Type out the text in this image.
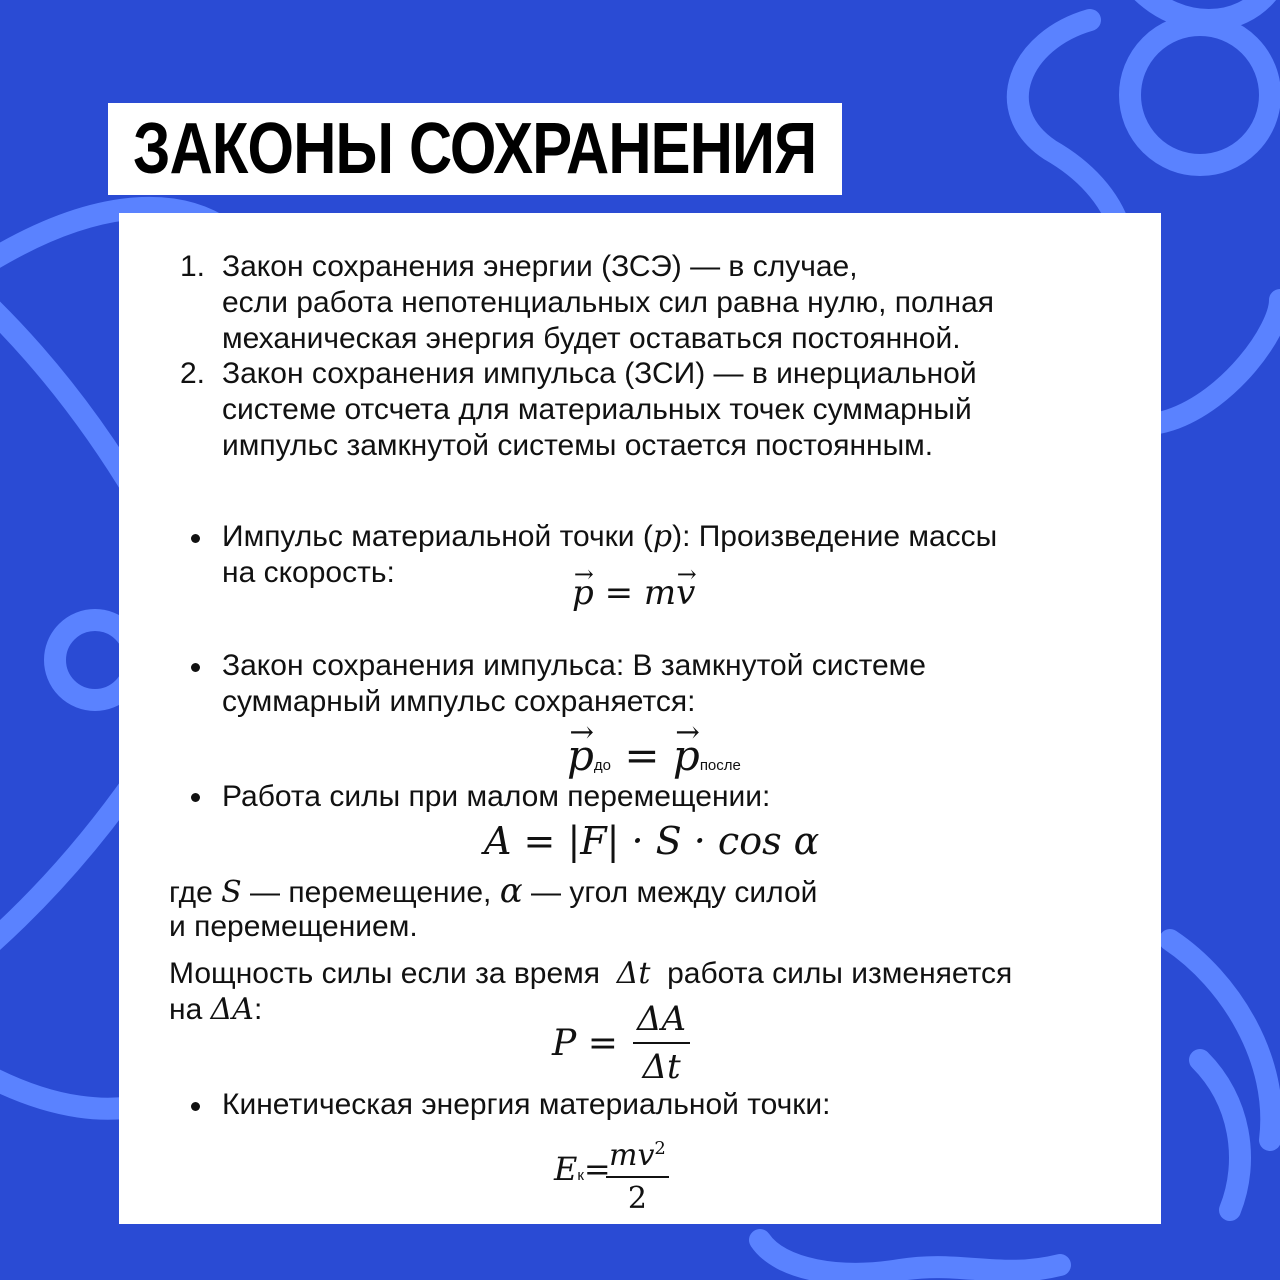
ЗАКОНЫ СОХРАНЕНИЯ
1. Закон сохранения энергии (ЗСЭ) — в случае,
если работа непотенциальных сил равна нулю, полная
механическая энергия будет оставаться постоянной.
2. Закон сохранения импульса (ЗСИ) — в инерциальной
системе отсчета для материальных точек суммарный
импульс замкнутой системы остается постоянным.
Импульс материальной точки (p): Произведение массы
на скорость:
→ p = m→ v
Закон сохранения импульса: В замкнутой системе
суммарный импульс сохраняется:
→ pдо = → pпосле
Работа силы при малом перемещении:
A = |F| · S · cos α
где S — перемещение, α — угол между силой
и перемещением.
Мощность силы если за время Δt работа силы изменяется
на ΔA:
$P = \frac{\Delta A}{\Delta t}$
Кинетическая энергия материальной точки:
Eк=
$\frac{mv^2}{2}$
